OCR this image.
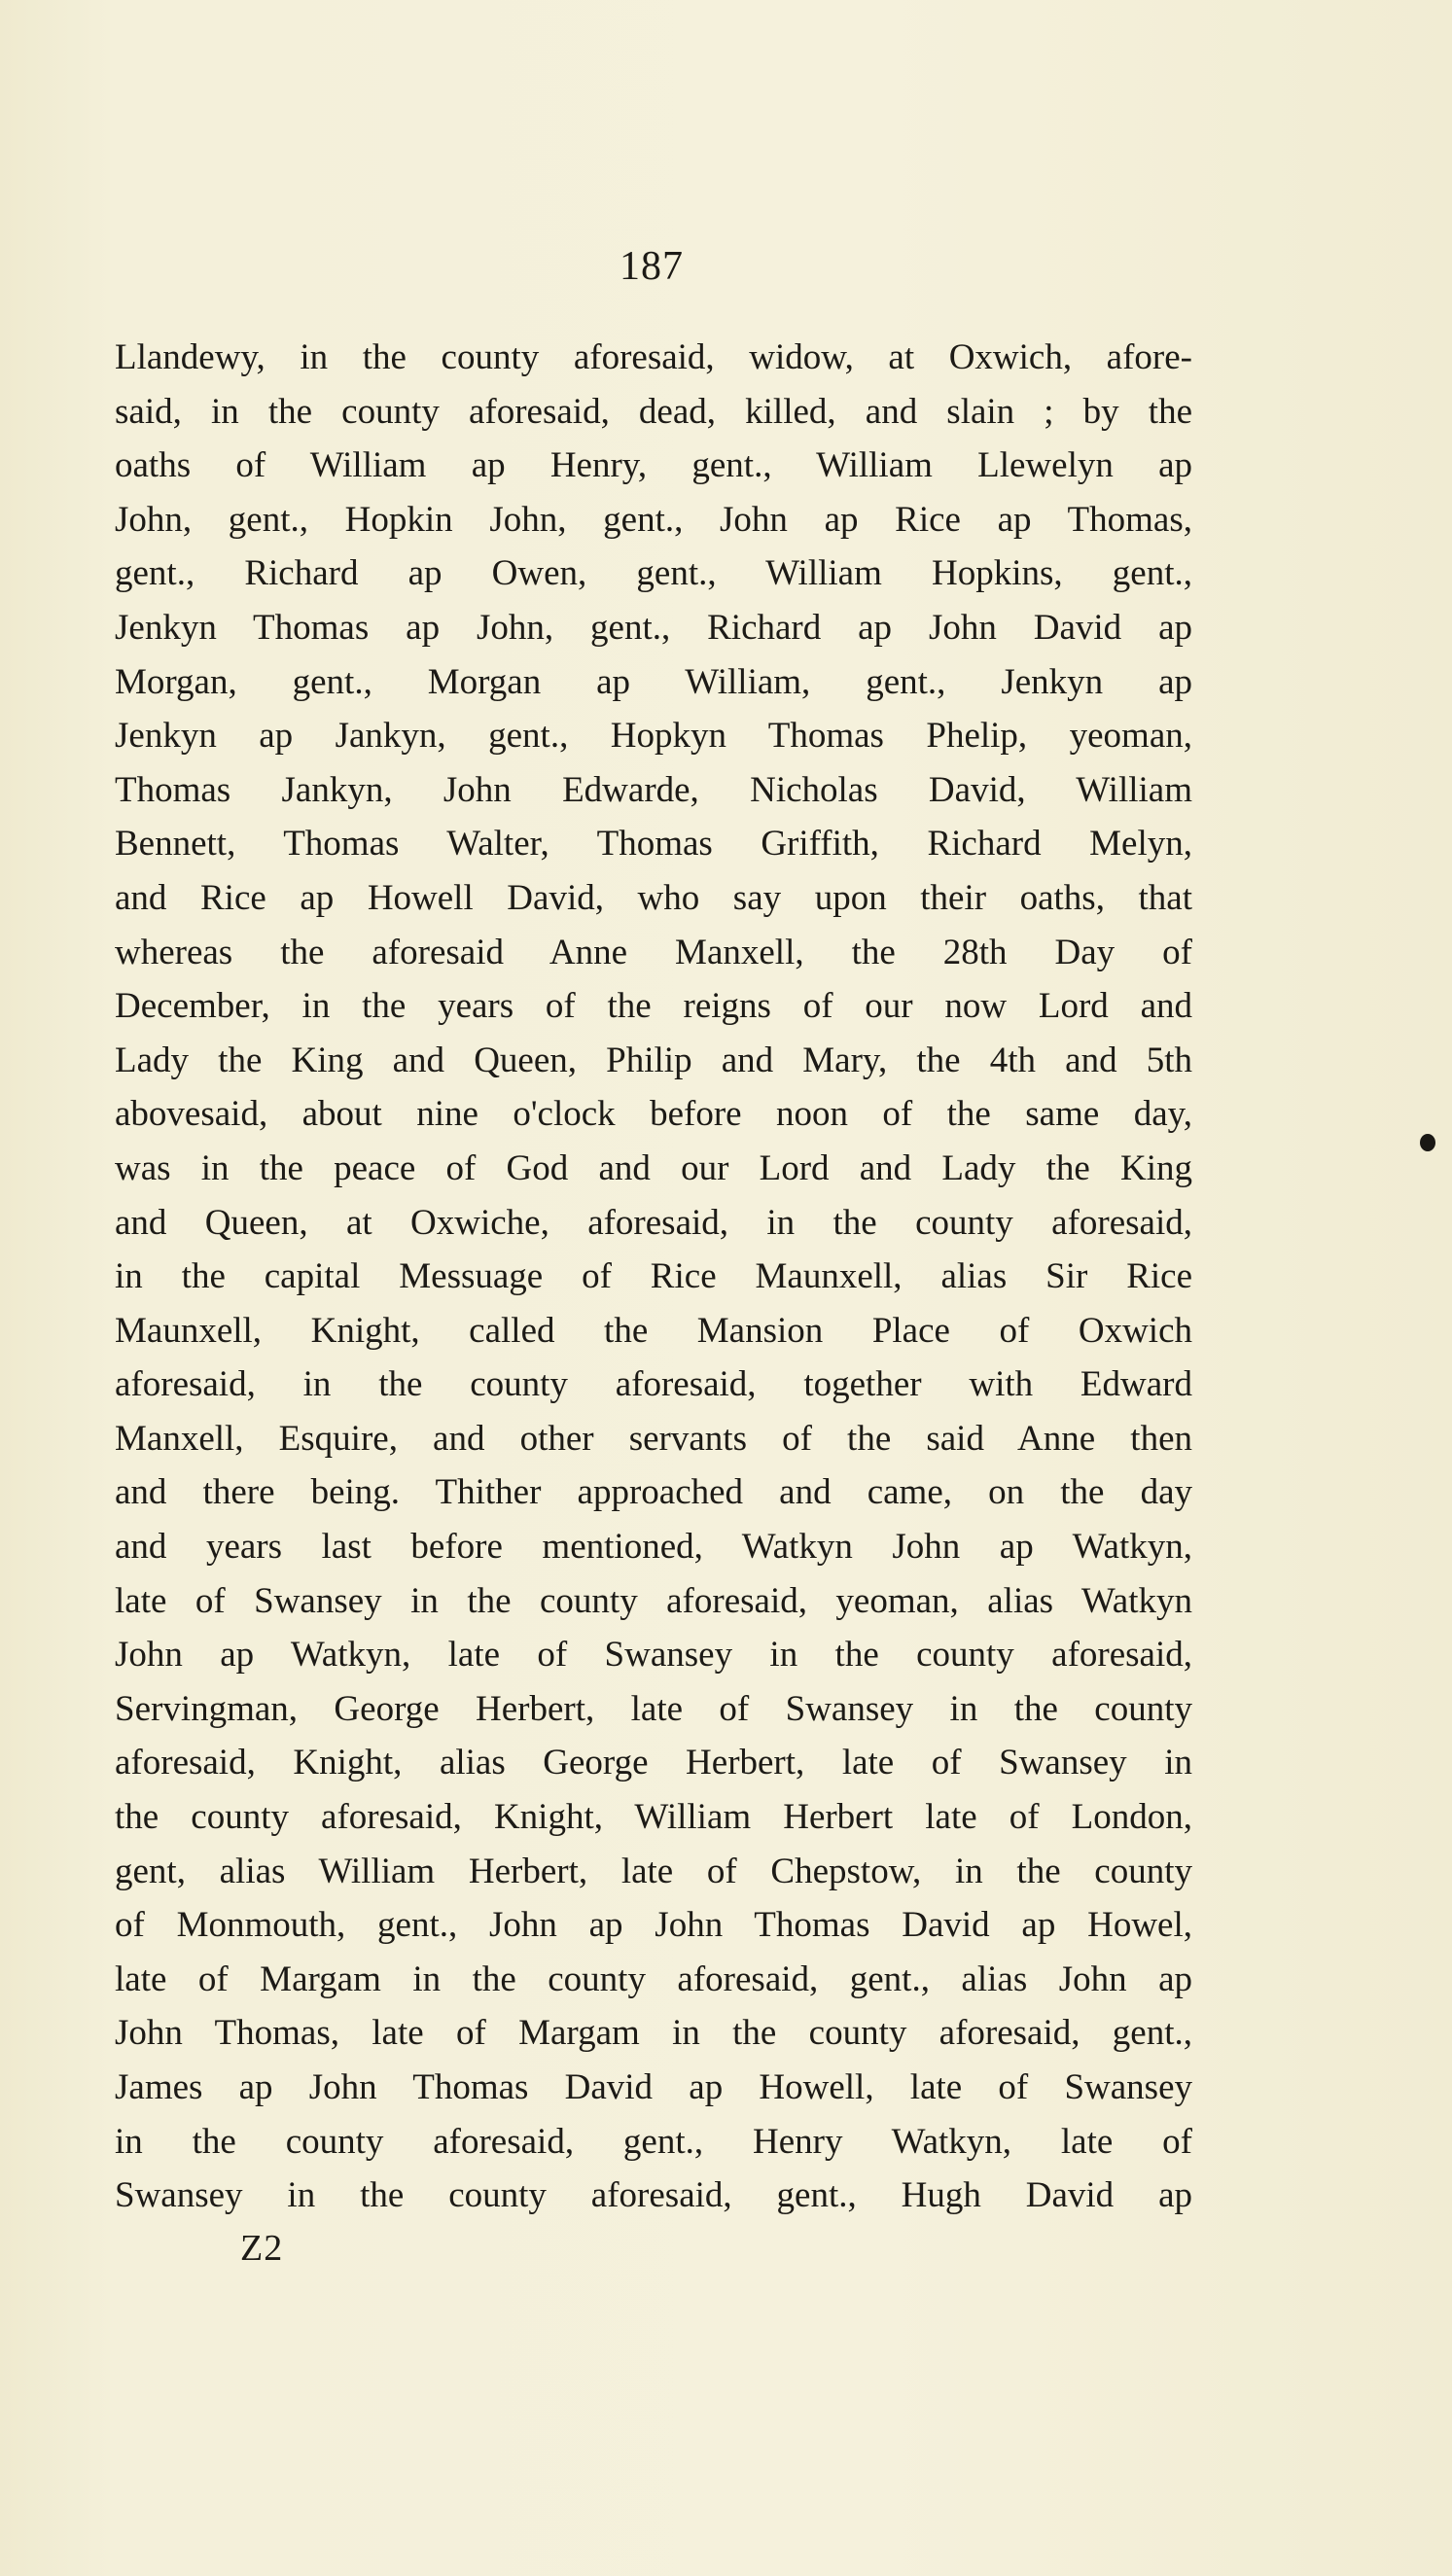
187
Llandewy, in the county aforesaid, widow, at Oxwich, afore-
said, in the county aforesaid, dead, killed, and slain ; by the
oaths of William ap Henry, gent., William Llewelyn ap
John, gent., Hopkin John, gent., John ap Rice ap Thomas,
gent., Richard ap Owen, gent., William Hopkins, gent.,
Jenkyn Thomas ap John, gent., Richard ap John David ap
Morgan, gent., Morgan ap William, gent., Jenkyn ap
Jenkyn ap Jankyn, gent., Hopkyn Thomas Phelip, yeoman,
Thomas Jankyn, John Edwarde, Nicholas David, William
Bennett, Thomas Walter, Thomas Griffith, Richard Melyn,
and Rice ap Howell David, who say upon their oaths, that
whereas the aforesaid Anne Manxell, the 28th Day of
December, in the years of the reigns of our now Lord and
Lady the King and Queen, Philip and Mary, the 4th and 5th
abovesaid, about nine o'clock before noon of the same day,
was in the peace of God and our Lord and Lady the King
and Queen, at Oxwiche, aforesaid, in the county aforesaid,
in the capital Messuage of Rice Maunxell, alias Sir Rice
Maunxell, Knight, called the Mansion Place of Oxwich
aforesaid, in the county aforesaid, together with Edward
Manxell, Esquire, and other servants of the said Anne then
and there being. Thither approached and came, on the day
and years last before mentioned, Watkyn John ap Watkyn,
late of Swansey in the county aforesaid, yeoman, alias Watkyn
John ap Watkyn, late of Swansey in the county aforesaid,
Servingman, George Herbert, late of Swansey in the county
aforesaid, Knight, alias George Herbert, late of Swansey in
the county aforesaid, Knight, William Herbert late of London,
gent, alias William Herbert, late of Chepstow, in the county
of Monmouth, gent., John ap John Thomas David ap Howel,
late of Margam in the county aforesaid, gent., alias John ap
John Thomas, late of Margam in the county aforesaid, gent.,
James ap John Thomas David ap Howell, late of Swansey
in the county aforesaid, gent., Henry Watkyn, late of
Swansey in the county aforesaid, gent., Hugh David ap
Z2
